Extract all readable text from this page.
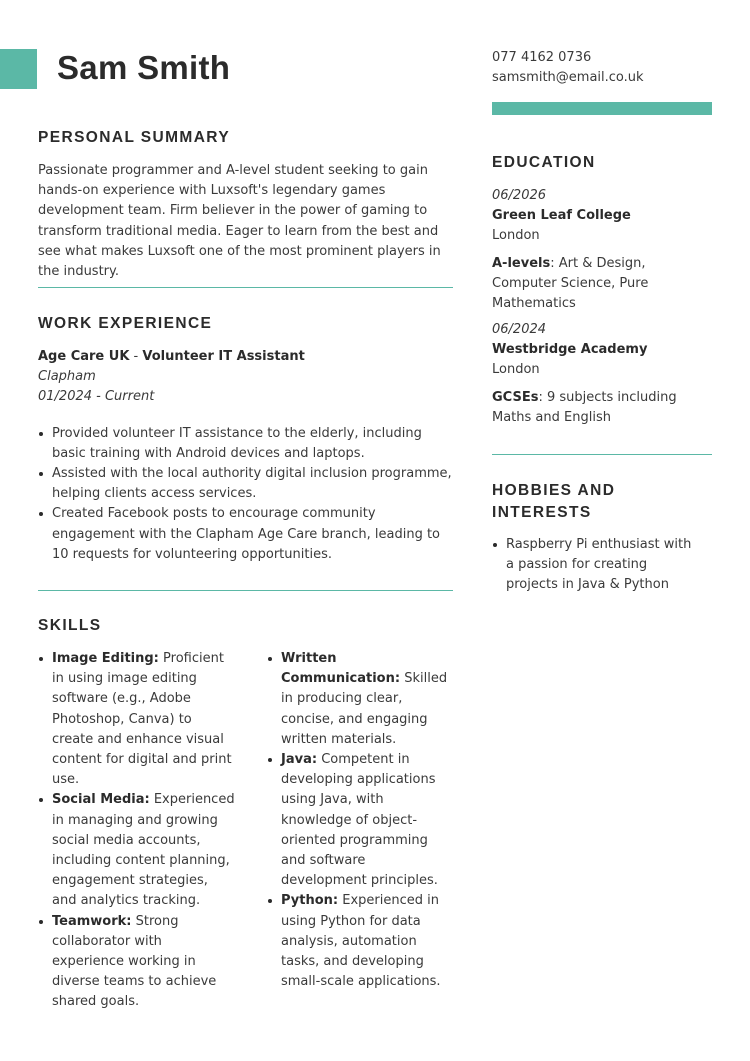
Sam Smith
PERSONAL SUMMARY

Passionate programmer and A-level student seeking to gain hands-on experience with Luxsoft's legendary games development team. Firm believer in the power of gaming to transform traditional media. Eager to learn from the best and see what makes Luxsoft one of the most prominent players in the industry.

WORK EXPERIENCE
Age Care UK - Volunteer IT Assistant
Clapham
01/2024 - Current
Provided volunteer IT assistance to the elderly, including basic training with Android devices and laptops.
Assisted with the local authority digital inclusion programme, helping clients access services.
Created Facebook posts to encourage community engagement with the Clapham Age Care branch, leading to 10 requests for volunteering opportunities.
SKILLS
Image Editing: Proficient in using image editing software (e.g., Adobe Photoshop, Canva) to create and enhance visual content for digital and print use.
Social Media: Experienced in managing and growing social media accounts, including content planning, engagement strategies, and analytics tracking.
Teamwork: Strong collaborator with experience working in diverse teams to achieve shared goals.
Written Communication: Skilled in producing clear, concise, and engaging written materials.
Java: Competent in developing applications using Java, with knowledge of object-oriented programming and software development principles.
Python: Experienced in using Python for data analysis, automation tasks, and developing small-scale applications.
077 4162 0736
samsmith@email.co.uk
EDUCATION
06/2026
Green Leaf College
London
A-levels: Art & Design, Computer Science, Pure Mathematics
06/2024
Westbridge Academy
London
GCSEs: 9 subjects including Maths and English
HOBBIES AND INTERESTS
Raspberry Pi enthusiast with a passion for creating projects in Java & Python
